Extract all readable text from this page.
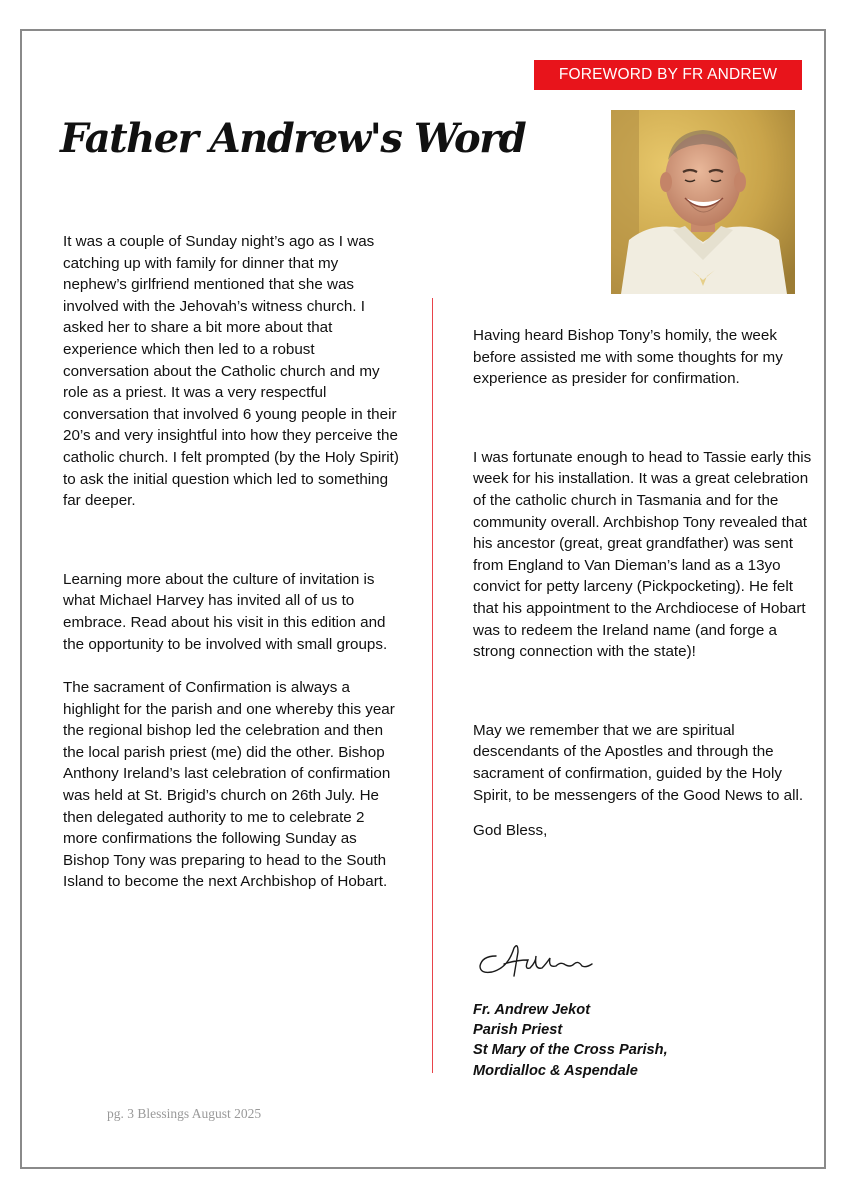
FOREWORD BY FR ANDREW
Father Andrew's Word

It was a couple of Sunday night’s ago as I was catching up with family for dinner that my nephew’s girlfriend mentioned that she was involved with the Jehovah’s witness church. I asked her to share a bit more about that experience which then led to a robust conversation about the Catholic church and my role as a priest. It was a very respectful conversation that involved 6 young people in their 20’s and very insightful into how they perceive the catholic church. I felt prompted (by the Holy Spirit) to ask the initial question which led to something far deeper.

Learning more about the culture of invitation is what Michael Harvey has invited all of us to embrace. Read about his visit in this edition and the opportunity to be involved with small groups.

The sacrament of Confirmation is always a highlight for the parish and one whereby this year the regional bishop led the celebration and then the local parish priest (me) did the other. Bishop Anthony Ireland’s last celebration of confirmation was held at St. Brigid’s church on 26th July. He then delegated authority to me to celebrate 2 more confirmations the following Sunday as Bishop Tony was preparing to head to the South Island to become the next Archbishop of Hobart.

Having heard Bishop Tony’s homily, the week before assisted me with some thoughts for my experience as presider for confirmation.

I was fortunate enough to head to Tassie early this week for his installation. It was a great celebration of the catholic church in Tasmania and for the community overall. Archbishop Tony revealed that his ancestor (great, great grandfather) was sent from England to Van Dieman’s land as a 13yo convict for petty larceny (Pickpocketing). He felt that his appointment to the Archdiocese of Hobart was to redeem the Ireland name (and forge a strong connection with the state)!

May we remember that we are spiritual descendants of the Apostles and through the sacrament of confirmation, guided by the Holy Spirit, to be messengers of the Good News to all.

God Bless,

Fr. Andrew Jekot
Parish Priest
St Mary of the Cross Parish,
Mordialloc & Aspendale
pg. 3 Blessings August 2025
